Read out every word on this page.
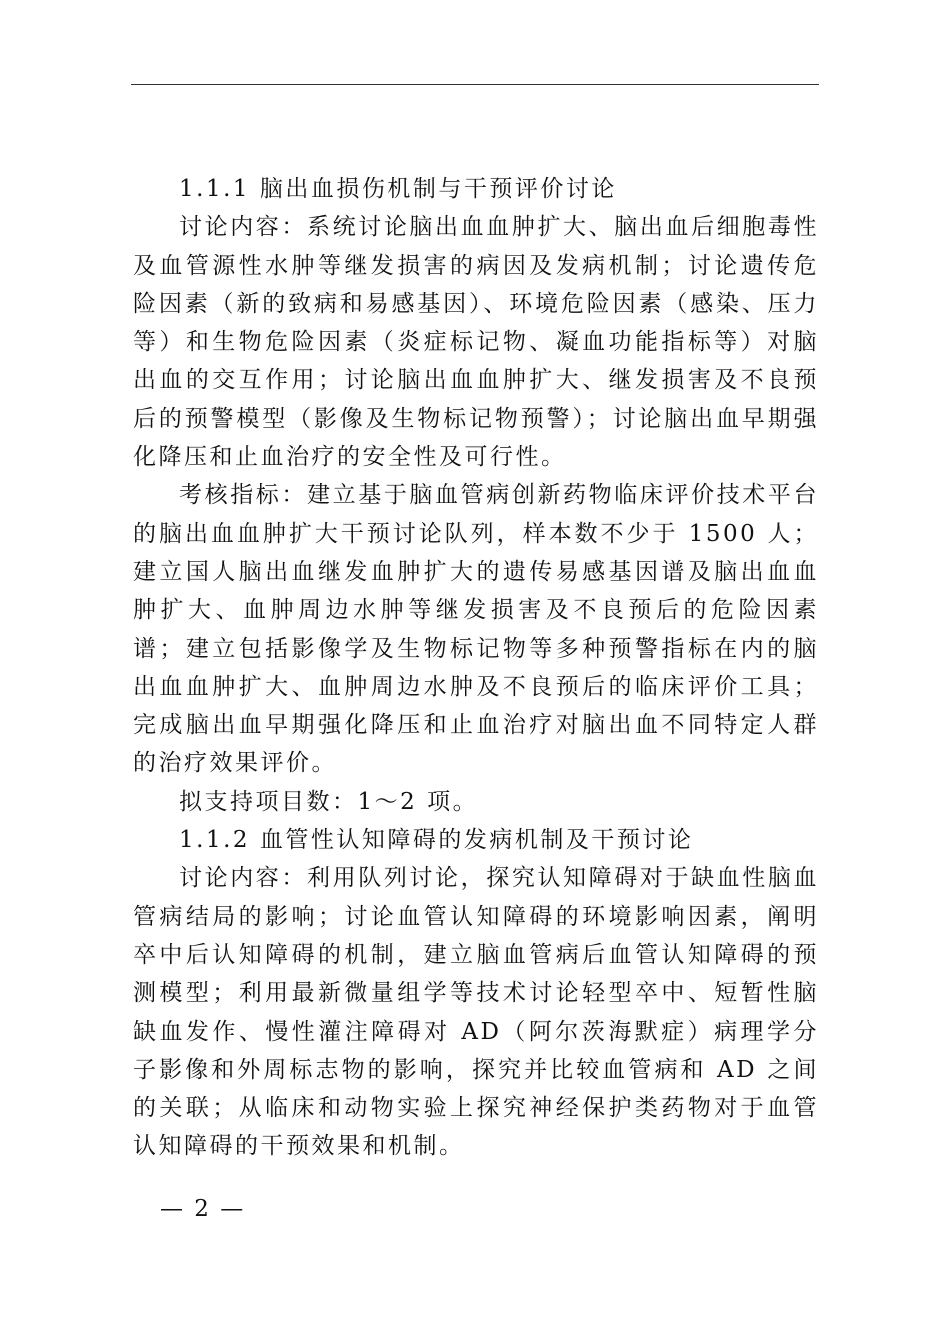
1.1.1 脑出血损伤机制与干预评价讨论

讨论内容：系统讨论脑出血血肿扩大、脑出血后细胞毒性及血管源性水肿等继发损害的病因及发病机制；讨论遗传危险因素（新的致病和易感基因）、环境危险因素（感染、压力等）和生物危险因素（炎症标记物、凝血功能指标等）对脑出血的交互作用；讨论脑出血血肿扩大、继发损害及不良预后的预警模型（影像及生物标记物预警）；讨论脑出血早期强化降压和止血治疗的安全性及可行性。

考核指标：建立基于脑血管病创新药物临床评价技术平台的脑出血血肿扩大干预讨论队列，样本数不少于 1500 人；建立国人脑出血继发血肿扩大的遗传易感基因谱及脑出血血肿扩大、血肿周边水肿等继发损害及不良预后的危险因素谱；建立包括影像学及生物标记物等多种预警指标在内的脑出血血肿扩大、血肿周边水肿及不良预后的临床评价工具；完成脑出血早期强化降压和止血治疗对脑出血不同特定人群的治疗效果评价。

拟支持项目数：1～2 项。

1.1.2 血管性认知障碍的发病机制及干预讨论

讨论内容：利用队列讨论，探究认知障碍对于缺血性脑血管病结局的影响；讨论血管认知障碍的环境影响因素，阐明卒中后认知障碍的机制，建立脑血管病后血管认知障碍的预测模型；利用最新微量组学等技术讨论轻型卒中、短暂性脑缺血发作、慢性灌注障碍对 AD（阿尔茨海默症）病理学分子影像和外周标志物的影响，探究并比较血管病和 AD 之间的关联；从临床和动物实验上探究神经保护类药物对于血管认知障碍的干预效果和机制。

— 2 —
